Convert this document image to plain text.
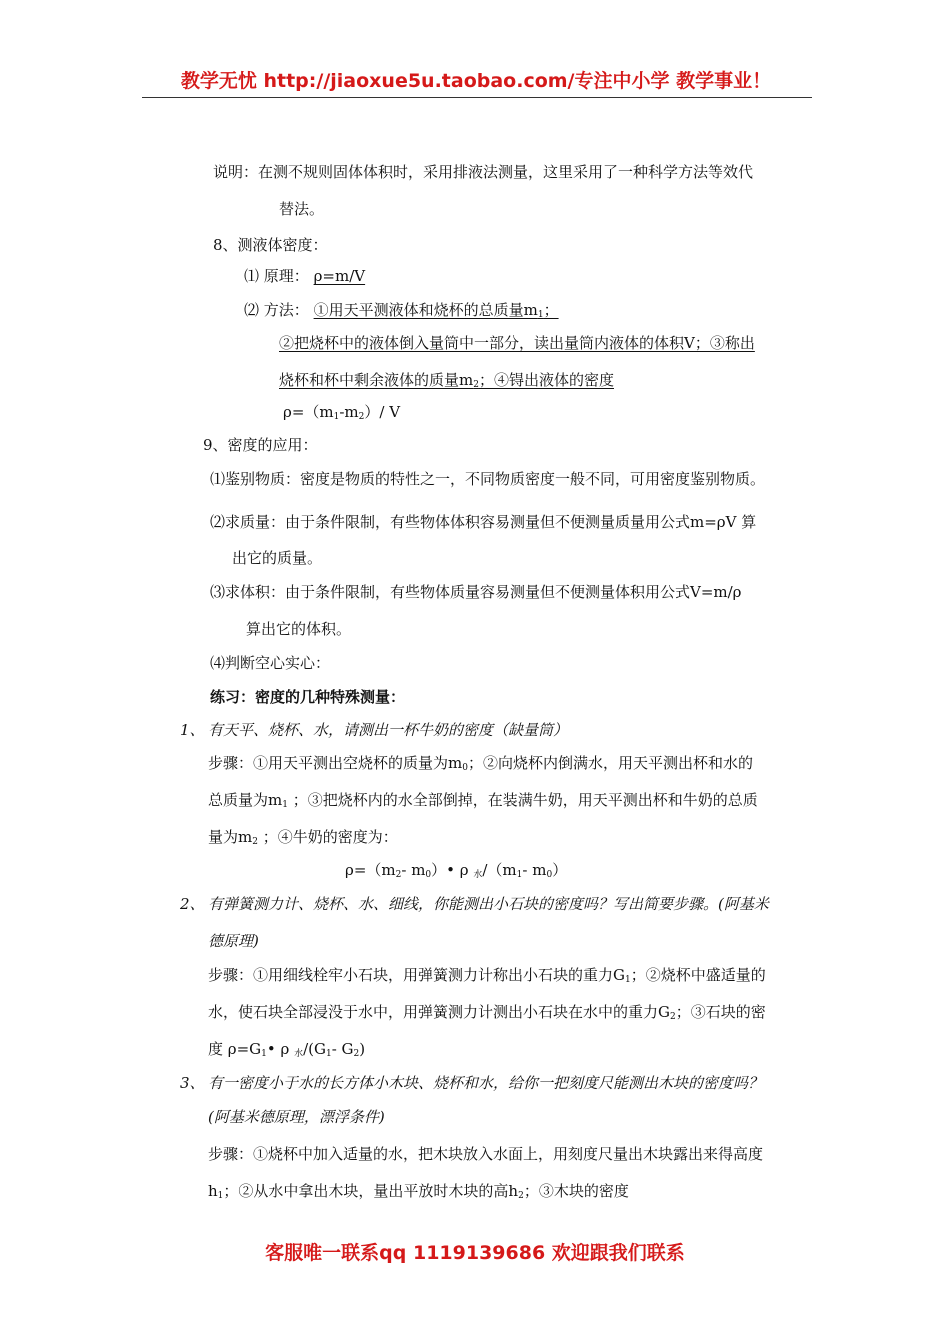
教学无忧 http://jiaoxue5u.taobao.com/专注中小学 教学事业！
说明：在测不规则固体体积时，采用排液法测量，这里采用了一种科学方法等效代
替法。
8、测液体密度：
⑴ 原理： ρ=m/V
⑵ 方法： ①用天平测液体和烧杯的总质量$m_1$；
②把烧杯中的液体倒入量筒中一部分，读出量筒内液体的体积V；③称出
烧杯和杯中剩余液体的质量$m_2$；④锝出液体的密度
$\rho=(m_1-m_2)/$ V
9、密度的应用：
⑴鉴别物质：密度是物质的特性之一，不同物质密度一般不同，可用密度鉴别物质。
⑵求质量：由于条件限制，有些物体体积容易测量但不便测量质量用公式m=ρV 算
出它的质量。
⑶求体积：由于条件限制，有些物体质量容易测量但不便测量体积用公式V=m/ρ
算出它的体积。
⑷判断空心实心：
练习：密度的几种特殊测量：
1、 有天平、烧杯、水，请测出一杯牛奶的密度（缺量筒）
步骤：①用天平测出空烧杯的质量为$m_0$；②向烧杯内倒满水，用天平测出杯和水的
总质量为$m_1$ ；③把烧杯内的水全部倒掉，在装满牛奶，用天平测出杯和牛奶的总质
量为$m_2$ ；④牛奶的密度为：
$\rho=(m_2-$ $m_0)•$ ρ $_水/(m_1-$ $m_0$）
2、 有弹簧测力计、烧杯、水、细线，你能测出小石块的密度吗？写出简要步骤。(阿基米
德原理)
步骤：①用细线栓牢小石块，用弹簧测力计称出小石块的重力$G_1$；②烧杯中盛适量的
水，使石块全部浸没于水中，用弹簧测力计测出小石块在水中的重力$G_2$；③石块的密
度 $\rho=G_1•$ ρ $_水/(G_1-$ $G_2$)
3、 有一密度小于水的长方体小木块、烧杯和水，给你一把刻度尺能测出木块的密度吗？
(阿基米德原理，漂浮条件)
步骤：①烧杯中加入适量的水，把木块放入水面上，用刻度尺量出木块露出来得高度
$h_1$；②从水中拿出木块，量出平放时木块的高$h_2$；③木块的密度
客服唯一联系qq 1119139686 欢迎跟我们联系
